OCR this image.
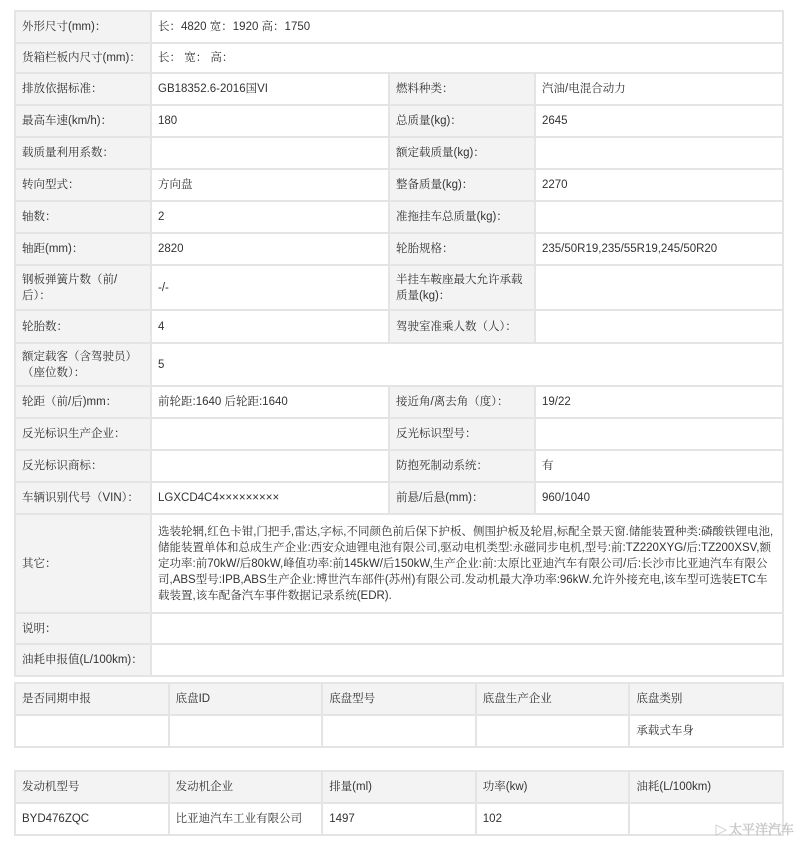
外形尺寸(mm)：	长：4820 宽：1920 高：1750		
货箱栏板内尺寸(mm)：	长： 宽： 高：		
排放依据标准：	GB18352.6-2016国VI	燃料种类：	汽油/电混合动力
最高车速(km/h)：	180	总质量(kg)：	2645
载质量利用系数：		额定载质量(kg)：	
转向型式：	方向盘	整备质量(kg)：	2270
轴数：	2	准拖挂车总质量(kg)：	
轴距(mm)：	2820	轮胎规格：	235/50R19,235/55R19,245/50R20
钢板弹簧片数（前/后）：	-/-	半挂车鞍座最大允许承载质量(kg)：	
轮胎数：	4	驾驶室准乘人数（人）：	
额定载客（含驾驶员）（座位数）：	5		
轮距（前/后)mm：	前轮距:1640 后轮距:1640	接近角/离去角（度）：	19/22
反光标识生产企业：		反光标识型号：	
反光标识商标：		防抱死制动系统：	有
车辆识别代号（VIN）：	LGXCD4C4×××××××××	前悬/后悬(mm)：	960/1040
其它：	选装轮辋,红色卡钳,门把手,雷达,字标,不同颜色前后保下护板、侧围护板及轮眉,标配全景天窗.储能装置种类:磷酸铁锂电池,储能装置单体和总成生产企业:西安众迪锂电池有限公司,驱动电机类型:永磁同步电机,型号:前:TZ220XYG/后:TZ200XSV,额定功率:前70kW/后80kW,峰值功率:前145kW/后150kW,生产企业:前:太原比亚迪汽车有限公司/后:长沙市比亚迪汽车有限公司,ABS型号:IPB,ABS生产企业:博世汽车部件(苏州)有限公司.发动机最大净功率:96kW.允许外接充电,该车型可选装ETC车载装置,该车配备汽车事件数据记录系统(EDR).		
说明：			
油耗申报值(L/100km)：			
是否同期申报	底盘ID	底盘型号	底盘生产企业	底盘类别
				承载式车身
发动机型号	发动机企业	排量(ml)	功率(kw)	油耗(L/100km)
BYD476ZQC	比亚迪汽车工业有限公司	1497	102	
▷ 太平洋汽车
